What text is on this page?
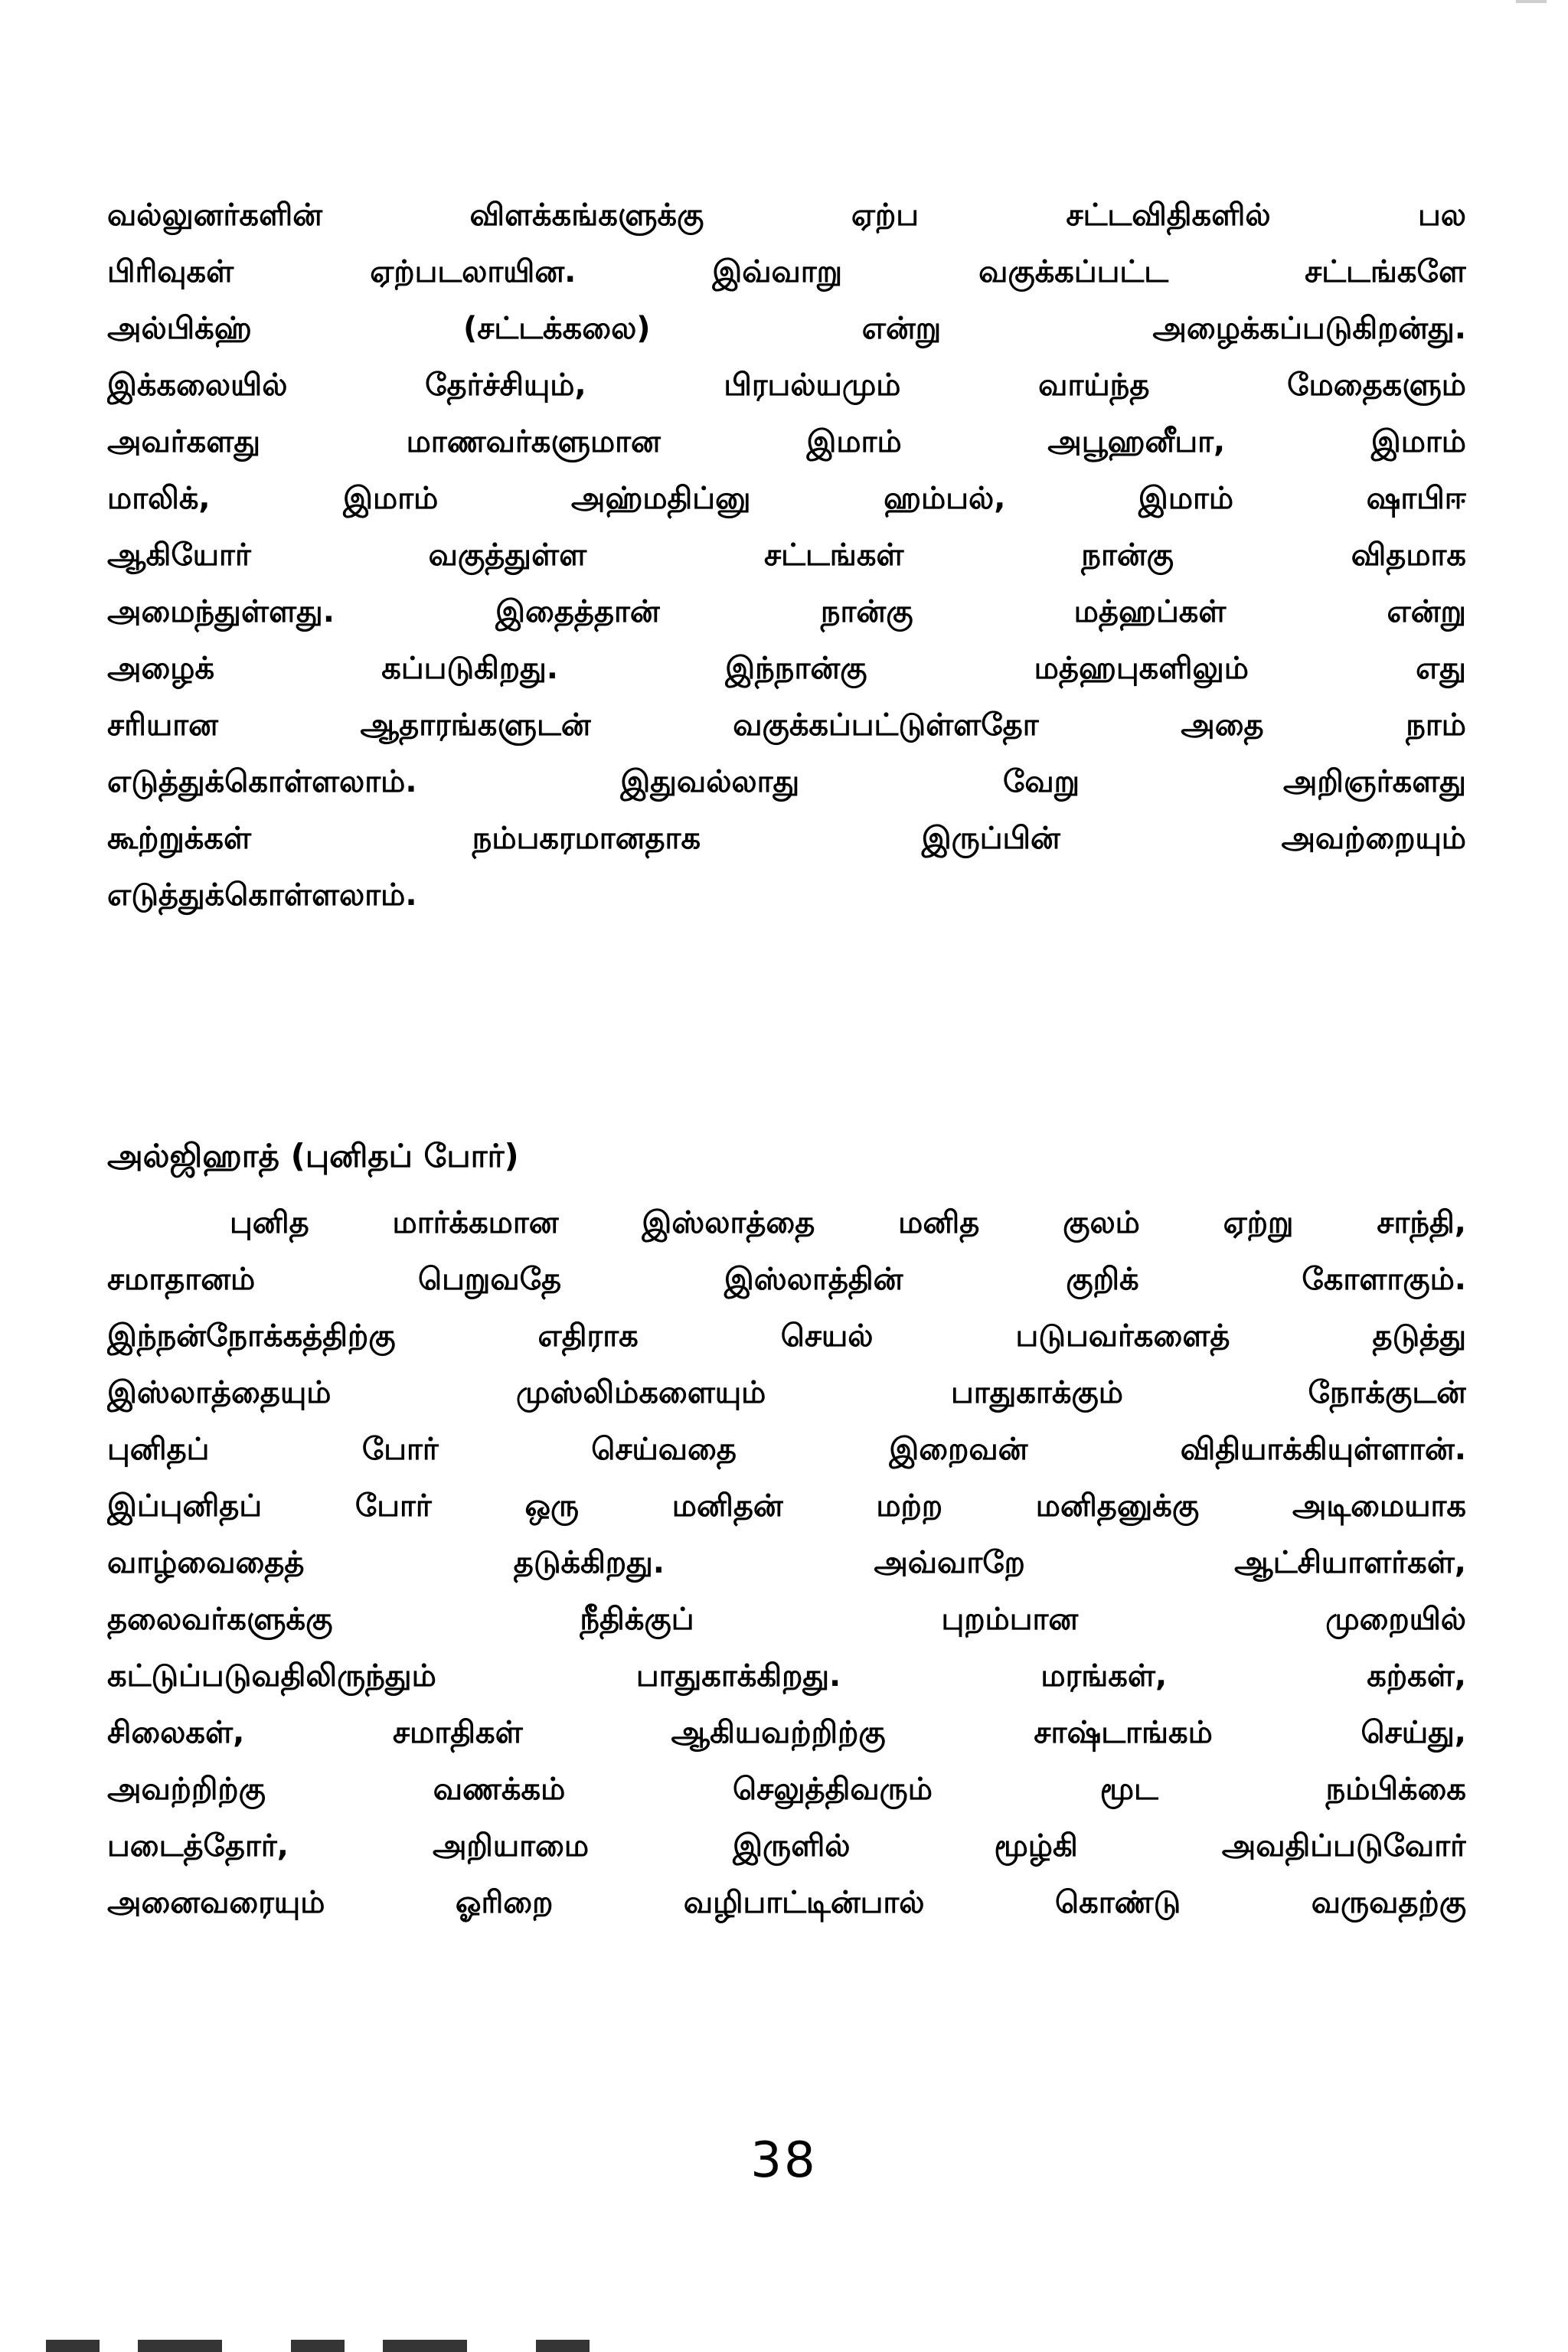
வல்லுனர்களின் விளக்கங்களுக்கு ஏற்ப சட்டவிதிகளில் பல
பிரிவுகள் ஏற்படலாயின. இவ்வாறு வகுக்கப்பட்ட சட்டங்களே
அல்பிக்ஹ் (சட்டக்கலை) என்று அழைக்கப்படுகிறன்து.
இக்கலையில் தேர்ச்சியும், பிரபல்யமும் வாய்ந்த மேதைகளும்
அவர்களது மாணவர்களுமான இமாம் அபூஹனீபா, இமாம்
மாலிக், இமாம் அஹ்மதிப்னு ஹம்பல், இமாம் ஷாபிஈ
ஆகியோர் வகுத்துள்ள சட்டங்கள் நான்கு விதமாக
அமைந்துள்ளது. இதைத்தான் நான்கு மத்ஹப்கள் என்று
அழைக் கப்படுகிறது. இந்நான்கு மத்ஹபுகளிலும் எது
சரியான ஆதாரங்களுடன் வகுக்கப்பட்டுள்ளதோ அதை நாம்
எடுத்துக்கொள்ளலாம். இதுவல்லாது வேறு அறிஞர்களது
கூற்றுக்கள் நம்பகரமானதாக இருப்பின் அவற்றையும்
எடுத்துக்கொள்ளலாம்.
அல்ஜிஹாத் (புனிதப் போர்)
புனித மார்க்கமான இஸ்லாத்தை மனித குலம் ஏற்று சாந்தி,
சமாதானம் பெறுவதே இஸ்லாத்தின் குறிக் கோளாகும்.
இந்நன்நோக்கத்திற்கு எதிராக செயல் படுபவர்களைத் தடுத்து
இஸ்லாத்தையும் முஸ்லிம்களையும் பாதுகாக்கும் நோக்குடன்
புனிதப் போர் செய்வதை இறைவன் விதியாக்கியுள்ளான்.
இப்புனிதப் போர் ஒரு மனிதன் மற்ற மனிதனுக்கு அடிமையாக
வாழ்வைதைத் தடுக்கிறது. அவ்வாறே ஆட்சியாளர்கள்,
தலைவர்களுக்கு நீதிக்குப் புறம்பான முறையில்
கட்டுப்படுவதிலிருந்தும் பாதுகாக்கிறது. மரங்கள், கற்கள்,
சிலைகள், சமாதிகள் ஆகியவற்றிற்கு சாஷ்டாங்கம் செய்து,
அவற்றிற்கு வணக்கம் செலுத்திவரும் மூட நம்பிக்கை
படைத்தோர், அறியாமை இருளில் மூழ்கி அவதிப்படுவோர்
அனைவரையும் ஓரிறை வழிபாட்டின்பால் கொண்டு வருவதற்கு
38
